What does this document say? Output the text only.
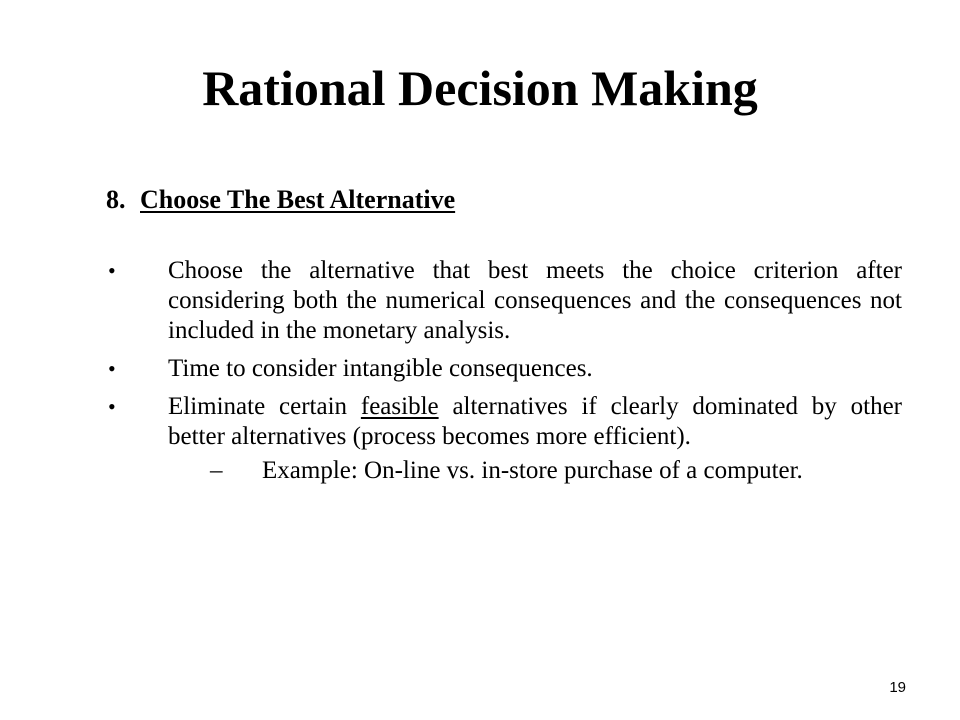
Rational Decision Making
8. Choose The Best Alternative
• Choose the alternative that best meets the choice criterion after considering both the numerical consequences and the consequences not included in the monetary analysis.
• Time to consider intangible consequences.
• Eliminate certain feasible alternatives if clearly dominated by other better alternatives (process becomes more efficient).
– Example: On-line vs. in-store purchase of a computer.
19
